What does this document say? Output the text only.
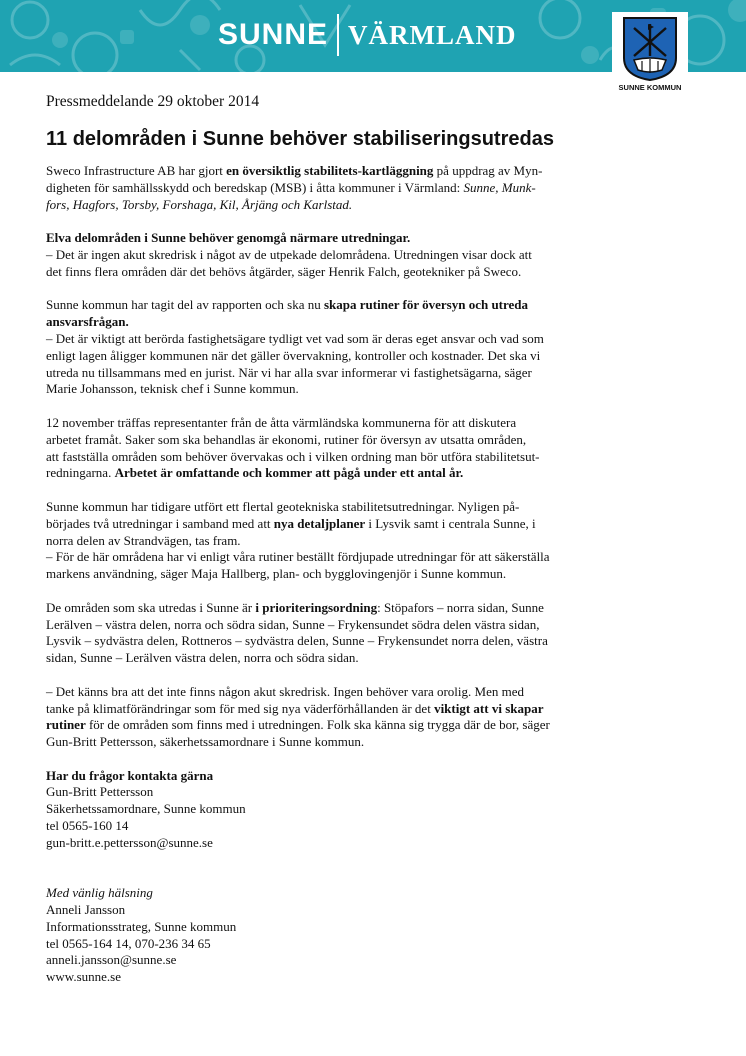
SUNNE VÄRMLAND
SUNNE KOMMUN
Pressmeddelande 29 oktober 2014
11 delområden i Sunne behöver stabiliseringsutredas
Sweco Infrastructure AB har gjort en översiktlig stabilitets-kartläggning på uppdrag av Myn-
digheten för samhällsskydd och beredskap (MSB) i åtta kommuner i Värmland: Sunne, Munk-
fors, Hagfors, Torsby, Forshaga, Kil, Årjäng och Karlstad.
Elva delområden i Sunne behöver genomgå närmare utredningar.
– Det är ingen akut skredrisk i något av de utpekade delområdena. Utredningen visar dock att
det finns flera områden där det behövs åtgärder, säger Henrik Falch, geotekniker på Sweco.
Sunne kommun har tagit del av rapporten och ska nu skapa rutiner för översyn och utreda
ansvarsfrågan.
– Det är viktigt att berörda fastighetsägare tydligt vet vad som är deras eget ansvar och vad som
enligt lagen åligger kommunen när det gäller övervakning, kontroller och kostnader. Det ska vi
utreda nu tillsammans med en jurist. När vi har alla svar informerar vi fastighetsägarna, säger
Marie Johansson, teknisk chef i Sunne kommun.
12 november träffas representanter från de åtta värmländska kommunerna för att diskutera
arbetet framåt. Saker som ska behandlas är ekonomi, rutiner för översyn av utsatta områden,
att fastställa områden som behöver övervakas och i vilken ordning man bör utföra stabilitetsut-
redningarna. Arbetet är omfattande och kommer att pågå under ett antal år.
Sunne kommun har tidigare utfört ett flertal geotekniska stabilitetsutredningar. Nyligen på-
börjades två utredningar i samband med att nya detaljplaner i Lysvik samt i centrala Sunne, i
norra delen av Strandvägen, tas fram.
– För de här områdena har vi enligt våra rutiner beställt fördjupade utredningar för att säkerställa
markens användning, säger Maja Hallberg, plan- och bygglovingenjör i Sunne kommun.
De områden som ska utredas i Sunne är i prioriteringsordning: Stöpafors – norra sidan, Sunne
Lerälven – västra delen, norra och södra sidan, Sunne – Frykensundet södra delen västra sidan,
Lysvik – sydvästra delen, Rottneros – sydvästra delen, Sunne – Frykensundet norra delen, västra
sidan, Sunne – Lerälven västra delen, norra och södra sidan.
– Det känns bra att det inte finns någon akut skredrisk. Ingen behöver vara orolig. Men med
tanke på klimatförändringar som för med sig nya väderförhållanden är det viktigt att vi skapar
rutiner för de områden som finns med i utredningen. Folk ska känna sig trygga där de bor, säger
Gun-Britt Pettersson, säkerhetssamordnare i Sunne kommun.
Har du frågor kontakta gärna
Gun-Britt Pettersson
Säkerhetssamordnare, Sunne kommun
tel 0565-160 14
gun-britt.e.pettersson@sunne.se
Med vänlig hälsning
Anneli Jansson
Informationsstrateg, Sunne kommun
tel 0565-164 14, 070-236 34 65
anneli.jansson@sunne.se
www.sunne.se
